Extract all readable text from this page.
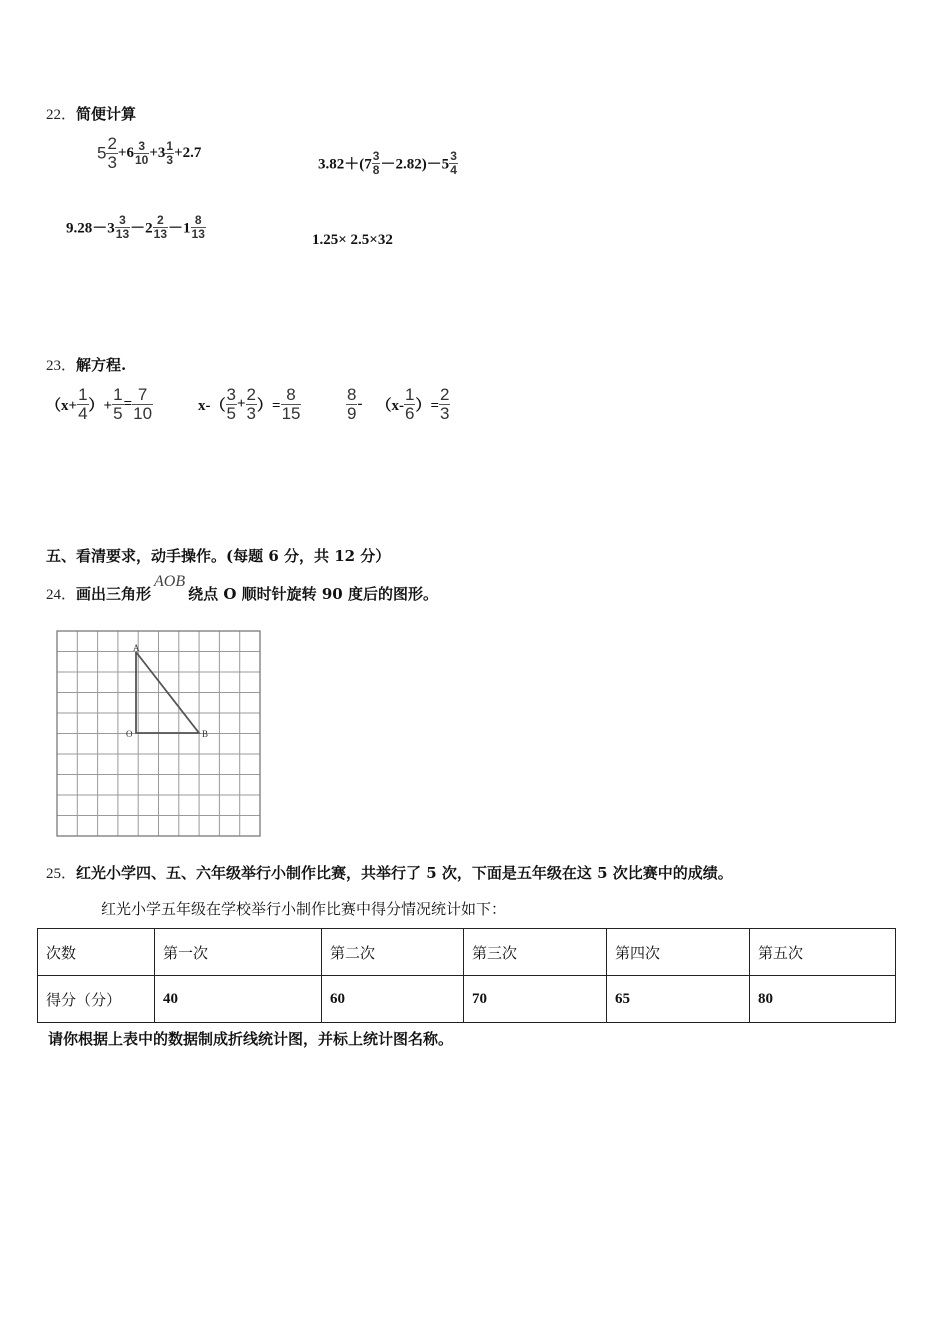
22．简便计算
$5 \frac{2}{3} +6 \frac{3}{10} +3 \frac{1}{3} +2.7$
$3.82+(7 \frac{3}{8} -2.82)-5 \frac{3}{4}$
$9.28-3 \frac{3}{13} -2 \frac{2}{13} -1 \frac{8}{13}$	1.25× 2.5×32
23．解方程.
（$x+ \frac{1}{4}$ ）+ $\frac{1}{5} = \frac{7}{10}$	$x-( \frac{3}{5} + \frac{2}{3}$ ）= $\frac{8}{15}$	$\frac{8}{9} - (x- \frac{1}{6}$ ）= $\frac{2}{3}$
五、看清要求，动手操作。(每题 6 分，共 12 分）
24．画出三角形AOB绕点 O 顺时针旋转 90 度后的图形。
A
O	B
25．红光小学四、五、六年级举行小制作比赛，共举行了 5 次，下面是五年级在这 5 次比赛中的成绩。
红光小学五年级在学校举行小制作比赛中得分情况统计如下：
次数	第一次	第二次	第三次	第四次	第五次
得分（分）	40	60	70	65	80
请你根据上表中的数据制成折线统计图，并标上统计图名称。
